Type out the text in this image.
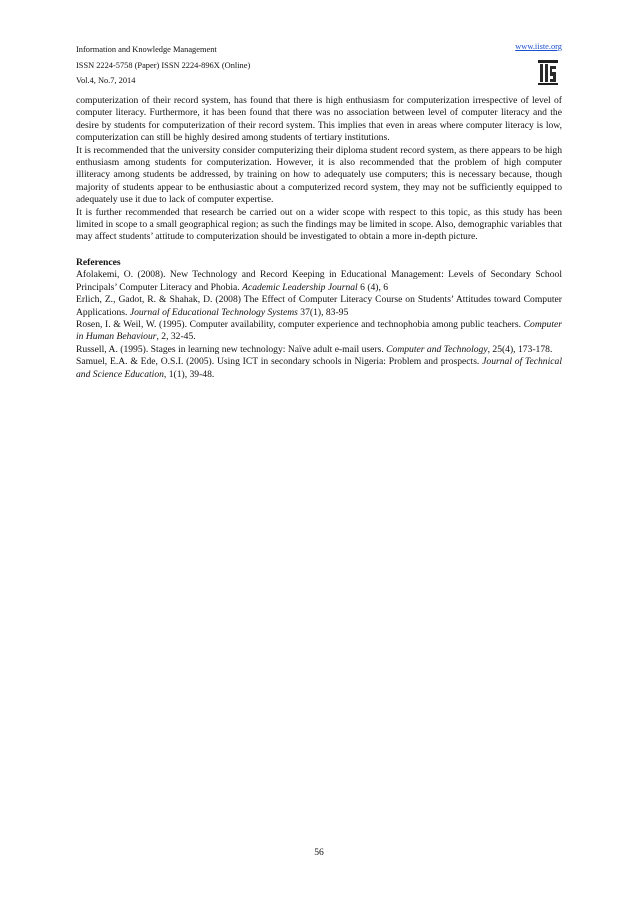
Information and Knowledge Management
ISSN 2224-5758 (Paper) ISSN 2224-896X (Online)
Vol.4, No.7, 2014
www.iiste.org

computerization of their record system, has found that there is high enthusiasm for computerization irrespective of level of computer literacy. Furthermore, it has been found that there was no association between level of computer literacy and the desire by students for computerization of their record system. This implies that even in areas where computer literacy is low, computerization can still be highly desired among students of tertiary institutions.

It is recommended that the university consider computerizing their diploma student record system, as there appears to be high enthusiasm among students for computerization. However, it is also recommended that the problem of high computer illiteracy among students be addressed, by training on how to adequately use computers; this is necessary because, though majority of students appear to be enthusiastic about a computerized record system, they may not be sufficiently equipped to adequately use it due to lack of computer expertise.

It is further recommended that research be carried out on a wider scope with respect to this topic, as this study has been limited in scope to a small geographical region; as such the findings may be limited in scope. Also, demographic variables that may affect students’ attitude to computerization should be investigated to obtain a more in-depth picture.

References

Afolakemi, O. (2008). New Technology and Record Keeping in Educational Management: Levels of Secondary School Principals’ Computer Literacy and Phobia. Academic Leadership Journal 6 (4), 6

Erlich, Z., Gadot, R. & Shahak, D. (2008) The Effect of Computer Literacy Course on Students’ Attitudes toward Computer Applications. Journal of Educational Technology Systems 37(1), 83-95

Rosen, I. & Weil, W. (1995). Computer availability, computer experience and technophobia among public teachers. Computer in Human Behaviour, 2, 32-45.

Russell, A. (1995). Stages in learning new technology: Naïve adult e-mail users. Computer and Technology, 25(4), 173-178.

Samuel, E.A. & Ede, O.S.I. (2005). Using ICT in secondary schools in Nigeria: Problem and prospects. Journal of Technical and Science Education, 1(1), 39-48.

56
